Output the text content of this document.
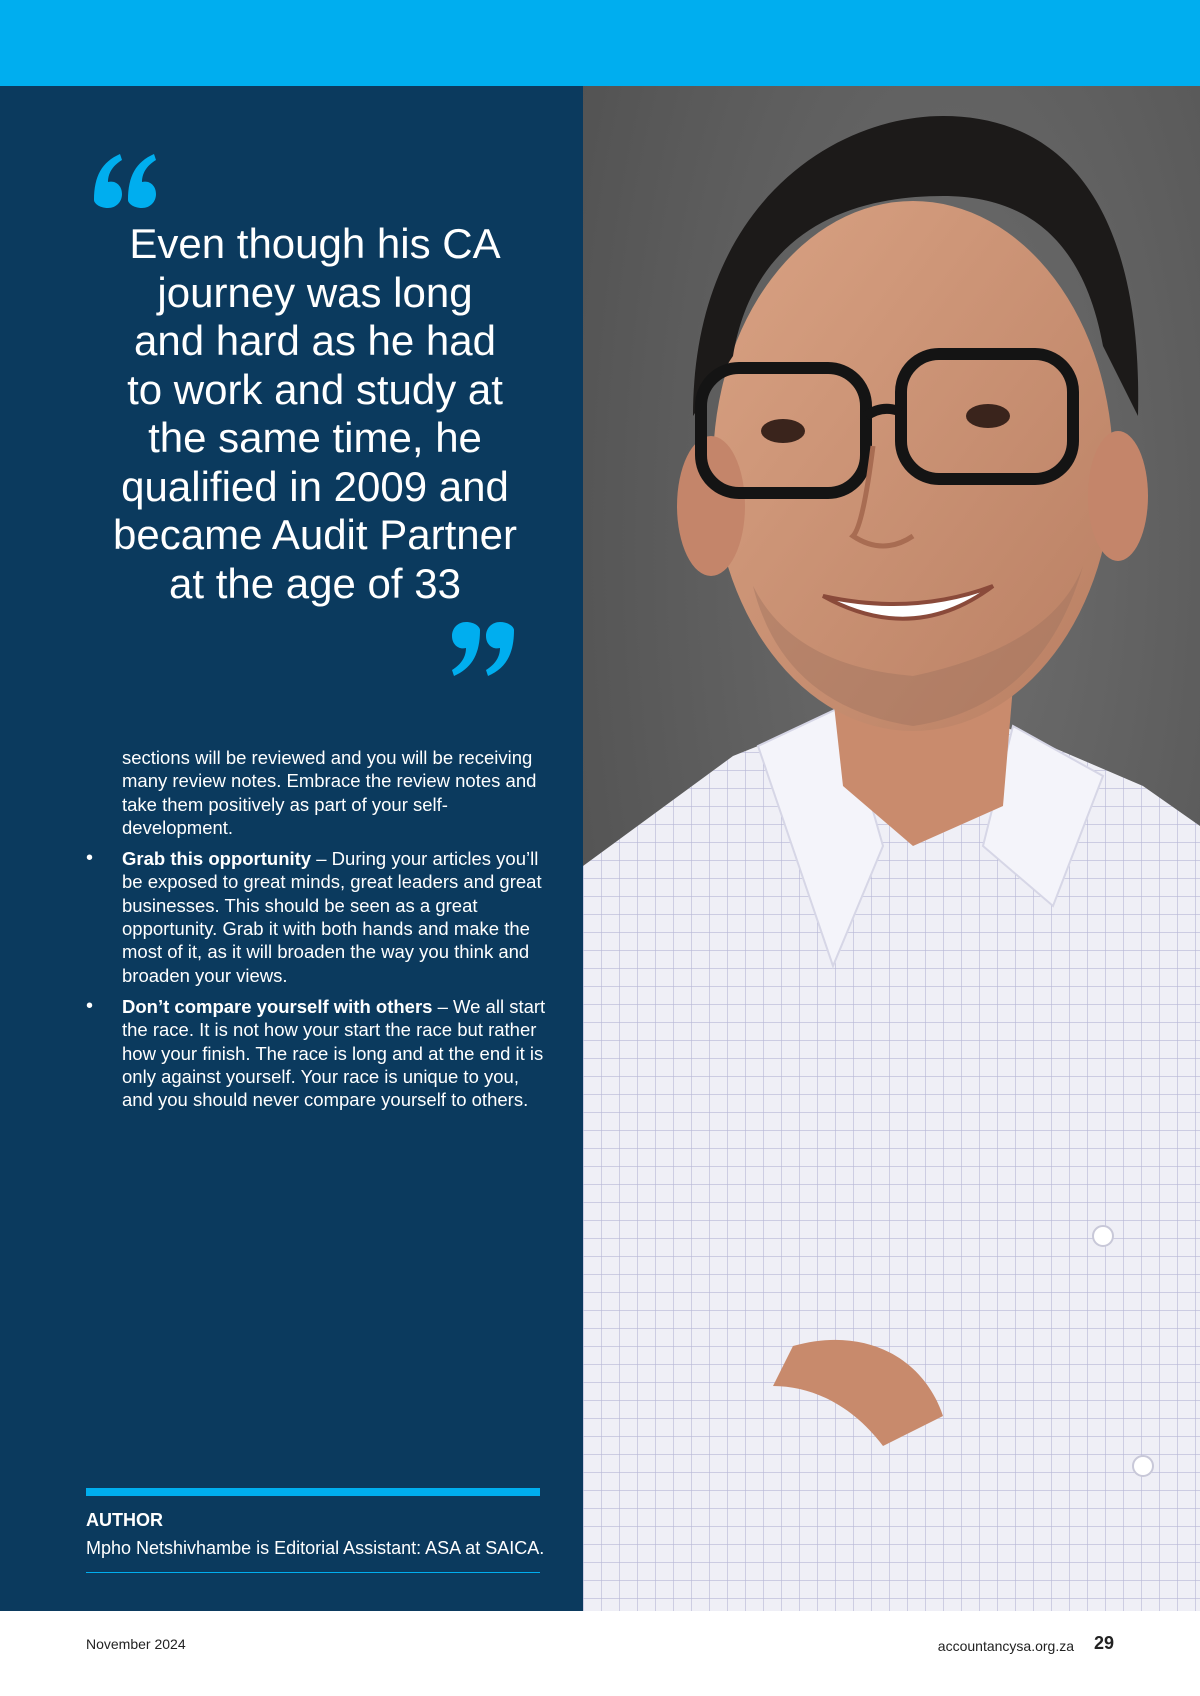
Even though his CA
journey was long
and hard as he had
to work and study at
the same time, he
qualified in 2009 and
became Audit Partner
at the age of 33

sections will be reviewed and you will be receiving many review notes. Embrace the review notes and take them positively as part of your self-development.

• Grab this opportunity – During your articles you’ll be exposed to great minds, great leaders and great businesses. This should be seen as a great opportunity. Grab it with both hands and make the most of it, as it will broaden the way you think and broaden your views.
• Don’t compare yourself with others – We all start the race. It is not how your start the race but rather how your finish. The race is long and at the end it is only against yourself. Your race is unique to you, and you should never compare yourself to others.
AUTHOR
Mpho Netshivhambe is Editorial Assistant: ASA at SAICA.
November 2024	accountancysa.org.za 29
